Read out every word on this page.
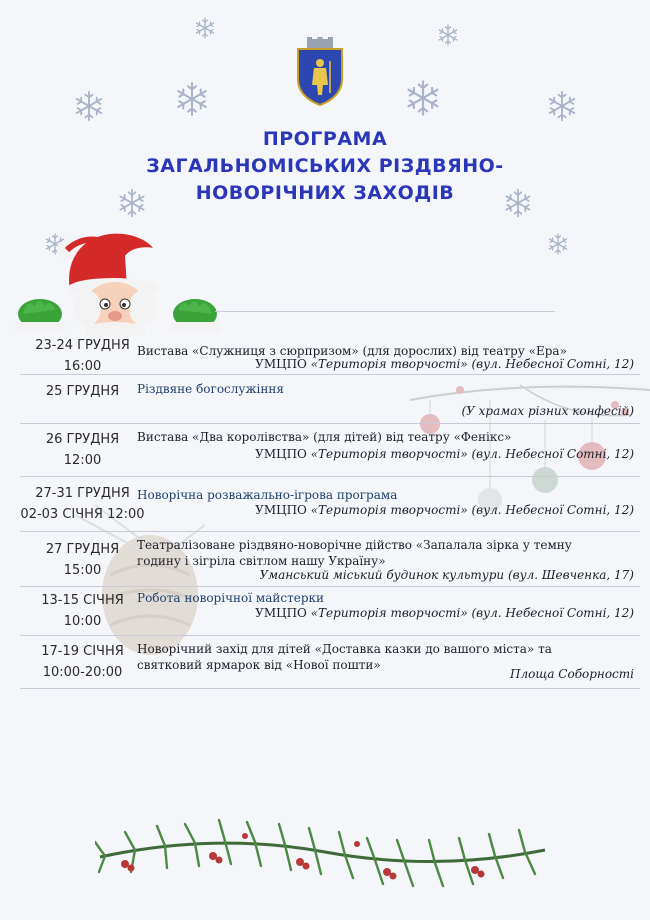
ПРОГРАМА
ЗАГАЛЬНОМІСЬКИХ РІЗДВЯНО-
НОВОРІЧНИХ ЗАХОДІВ
23-24 ГРУДНЯ
16:00
Вистава «Служниця з сюрпризом» (для дорослих) від театру «Ера»
УМЦПО «Територія творчості» (вул. Небесної Сотні, 12)
25 ГРУДНЯ	Різдвяне богослужіння
(У храмах різних конфесій)
26 ГРУДНЯ
12:00
Вистава «Два королівства» (для дітей) від театру «Фенікс»
УМЦПО «Територія творчості» (вул. Небесної Сотні, 12)
27-31 ГРУДНЯ
02-03 СІЧНЯ 12:00
Новорічна розважально-ігрова програма
УМЦПО «Територія творчості» (вул. Небесної Сотні, 12)
27 ГРУДНЯ
15:00
Театралізоване різдвяно-новорічне дійство «Запалала зірка у темну
годину і зігріла світлом нашу Україну»
Уманський міський будинок культури (вул. Шевченка, 17)
13-15 СІЧНЯ
10:00
Робота новорічної майстерки
УМЦПО «Територія творчості» (вул. Небесної Сотні, 12)
17-19 СІЧНЯ
10:00-20:00
Новорічний захід для дітей «Доставка казки до вашого міста» та
святковий ярмарок від «Нової пошти»
Площа Соборності
